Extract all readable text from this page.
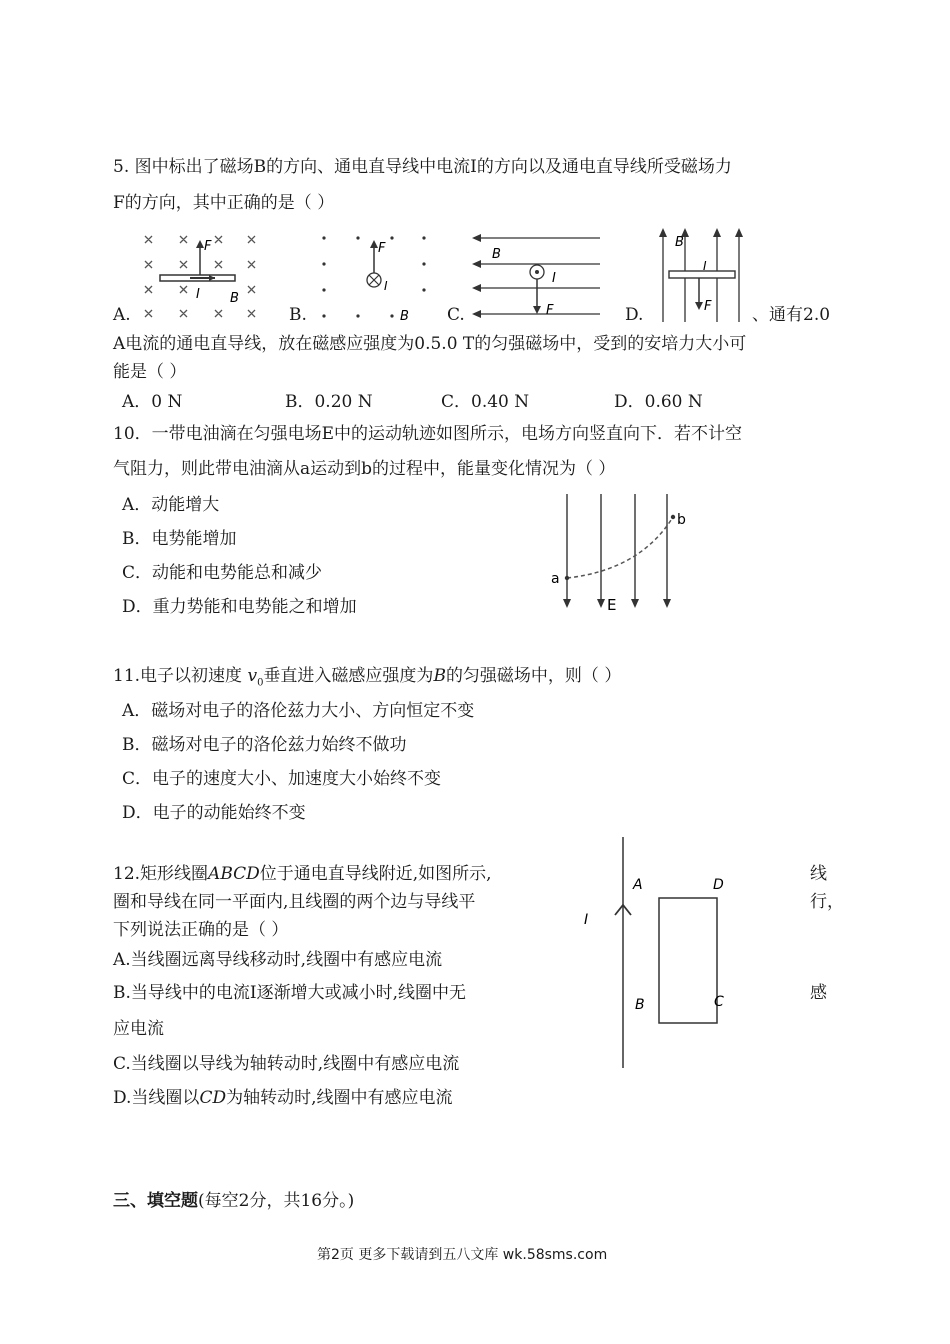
5. 图中标出了磁场B的方向、通电直导线中电流I的方向以及通电直导线所受磁场力
F的方向，其中正确的是（ ）
F
I B
F
I
B
B
I
F
B
I
F
A.	B.	C.	D.	、通有2.0
A电流的通电直导线，放在磁感应强度为0.5.0 T的匀强磁场中，受到的安培力大小可
能是（ ）
A．0 N	B．0.20 N	C．0.40 N	D．0.60 N
10．一带电油滴在匀强电场E中的运动轨迹如图所示，电场方向竖直向下．若不计空
气阻力，则此带电油滴从a运动到b的过程中，能量变化情况为（ ）
A．动能增大
B．电势能增加
C．动能和电势能总和减少
D．重力势能和电势能之和增加
a
b
E
11.电子以初速度 $v_0$垂直进入磁感应强度为B的匀强磁场中，则（ ）
A．磁场对电子的洛伦兹力大小、方向恒定不变
B．磁场对电子的洛伦兹力始终不做功
C．电子的速度大小、加速度大小始终不变
D．电子的动能始终不变
12.矩形线圈ABCD位于通电直导线附近,如图所示,	线
圈和导线在同一平面内,且线圈的两个边与导线平	行，
下列说法正确的是（ ）
A.当线圈远离导线移动时,线圈中有感应电流
B.当导线中的电流I逐渐增大或减小时,线圈中无	感
应电流
C.当线圈以导线为轴转动时,线圈中有感应电流
D.当线圈以CD为轴转动时,线圈中有感应电流
I
A	D
B	C
三、填空题(每空2分，共16分。)
第2页 更多下载请到五八文库 wk.58sms.com
